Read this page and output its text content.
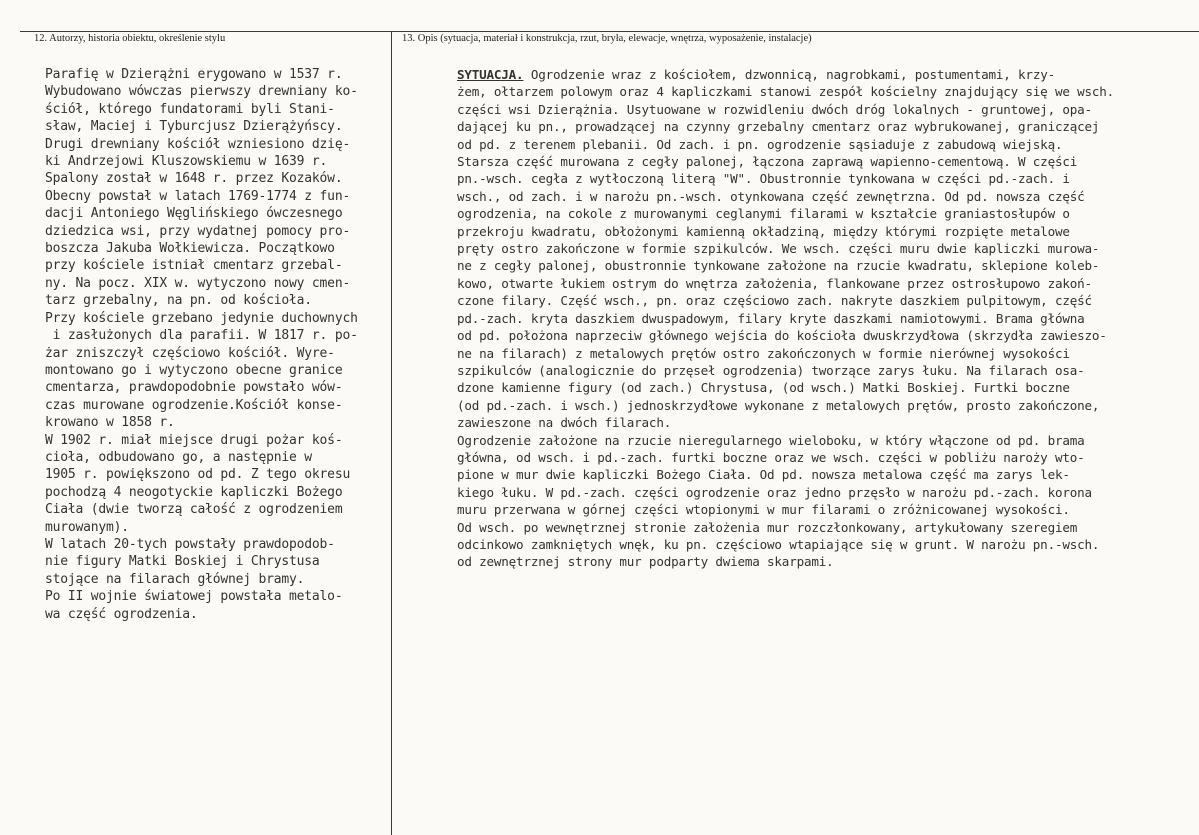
12. Autorzy, historia obiektu, określenie stylu	13. Opis (sytuacja, materiał i konstrukcja, rzut, bryła, elewacje, wnętrza, wyposażenie, instalacje)
Parafię w Dzierążni erygowano w 1537 r.
Wybudowano wówczas pierwszy drewniany ko-
ściół, którego fundatorami byli Stani-
sław, Maciej i Tyburcjusz Dzierążyńscy.
Drugi drewniany kościół wzniesiono dzię-
ki Andrzejowi Kluszowskiemu w 1639 r.
Spalony został w 1648 r. przez Kozaków.
Obecny powstał w latach 1769-1774 z fun-
dacji Antoniego Węglińskiego ówczesnego
dziedzica wsi, przy wydatnej pomocy pro-
boszcza Jakuba Wołkiewicza. Początkowo
przy kościele istniał cmentarz grzebal-
ny. Na pocz. XIX w. wytyczono nowy cmen-
tarz grzebalny, na pn. od kościoła.
Przy kościele grzebano jedynie duchownych
i zasłużonych dla parafii. W 1817 r. po-
żar zniszczył częściowo kościół. Wyre-
montowano go i wytyczono obecne granice
cmentarza, prawdopodobnie powstało wów-
czas murowane ogrodzenie.Kościół konse-
krowano w 1858 r.
W 1902 r. miał miejsce drugi pożar koś-
cioła, odbudowano go, a następnie w
1905 r. powiększono od pd. Z tego okresu
pochodzą 4 neogotyckie kapliczki Bożego
Ciała (dwie tworzą całość z ogrodzeniem
murowanym).
W latach 20-tych powstały prawdopodob-
nie figury Matki Boskiej i Chrystusa
stojące na filarach głównej bramy.
Po II wojnie światowej powstała metalo-
wa część ogrodzenia.
SYTUACJA. Ogrodzenie wraz z kościołem, dzwonnicą, nagrobkami, postumentami, krzy-
żem, ołtarzem polowym oraz 4 kapliczkami stanowi zespół kościelny znajdujący się we wsch.
części wsi Dzierążnia. Usytuowane w rozwidleniu dwóch dróg lokalnych - gruntowej, opa-
dającej ku pn., prowadzącej na czynny grzebalny cmentarz oraz wybrukowanej, graniczącej
od pd. z terenem plebanii. Od zach. i pn. ogrodzenie sąsiaduje z zabudową wiejską.
Starsza część murowana z cegły palonej, łączona zaprawą wapienno-cementową. W części
pn.-wsch. cegła z wytłoczoną literą "W". Obustronnie tynkowana w części pd.-zach. i
wsch., od zach. i w narożu pn.-wsch. otynkowana część zewnętrzna. Od pd. nowsza część
ogrodzenia, na cokole z murowanymi ceglanymi filarami w kształcie graniastosłupów o
przekroju kwadratu, obłożonymi kamienną okładziną, między którymi rozpięte metalowe
pręty ostro zakończone w formie szpikulców. We wsch. części muru dwie kapliczki murowa-
ne z cegły palonej, obustronnie tynkowane założone na rzucie kwadratu, sklepione koleb-
kowo, otwarte łukiem ostrym do wnętrza założenia, flankowane przez ostrosłupowo zakoń-
czone filary. Część wsch., pn. oraz częściowo zach. nakryte daszkiem pulpitowym, część
pd.-zach. kryta daszkiem dwuspadowym, filary kryte daszkami namiotowymi. Brama główna
od pd. położona naprzeciw głównego wejścia do kościoła dwuskrzydłowa (skrzydła zawieszo-
ne na filarach) z metalowych prętów ostro zakończonych w formie nierównej wysokości
szpikulców (analogicznie do przęseł ogrodzenia) tworzące zarys łuku. Na filarach osa-
dzone kamienne figury (od zach.) Chrystusa, (od wsch.) Matki Boskiej. Furtki boczne
(od pd.-zach. i wsch.) jednoskrzydłowe wykonane z metalowych prętów, prosto zakończone,
zawieszone na dwóch filarach.
Ogrodzenie założone na rzucie nieregularnego wieloboku, w który włączone od pd. brama
główna, od wsch. i pd.-zach. furtki boczne oraz we wsch. części w pobliżu naroży wto-
pione w mur dwie kapliczki Bożego Ciała. Od pd. nowsza metalowa część ma zarys lek-
kiego łuku. W pd.-zach. części ogrodzenie oraz jedno przęsło w narożu pd.-zach. korona
muru przerwana w górnej części wtopionymi w mur filarami o zróżnicowanej wysokości.
Od wsch. po wewnętrznej stronie założenia mur rozczłonkowany, artykułowany szeregiem
odcinkowo zamkniętych wnęk, ku pn. częściowo wtapiające się w grunt. W narożu pn.-wsch.
od zewnętrznej strony mur podparty dwiema skarpami.
